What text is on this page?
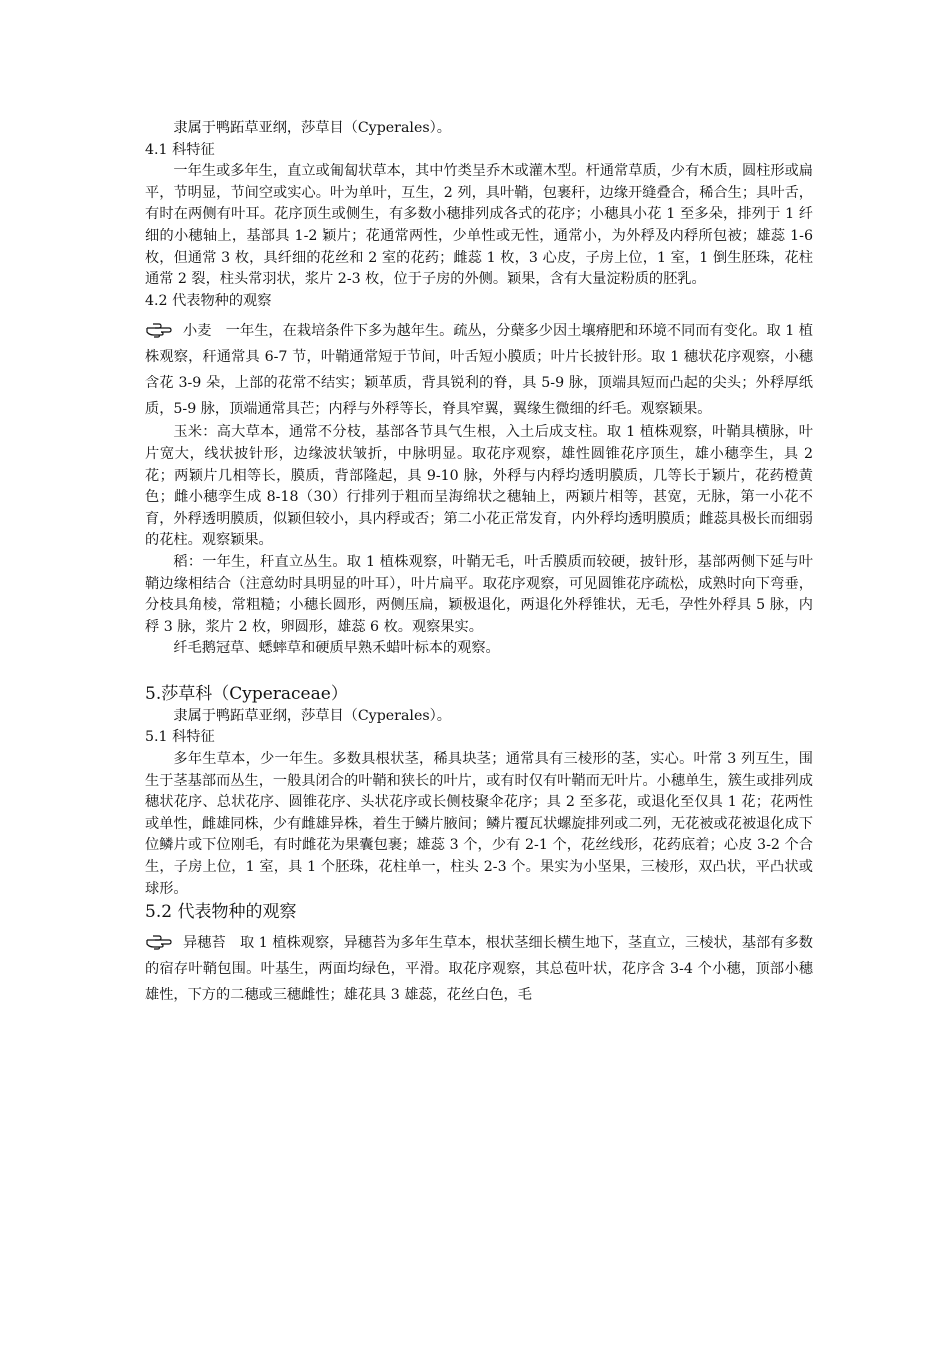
隶属于鸭跖草亚纲，莎草目（Cyperales）。

4.1 科特征

一年生或多年生，直立或匍匐状草本，其中竹类呈乔木或灌木型。杆通常草质，少有木质，圆柱形或扁平，节明显，节间空或实心。叶为单叶，互生，2 列，具叶鞘，包裹秆，边缘开缝叠合，稀合生；具叶舌，有时在两侧有叶耳。花序顶生或侧生，有多数小穗排列成各式的花序；小穗具小花 1 至多朵，排列于 1 纤细的小穗轴上，基部具 1-2 颖片；花通常两性，少单性或无性，通常小，为外稃及内稃所包被；雄蕊 1-6 枚，但通常 3 枚，具纤细的花丝和 2 室的花药；雌蕊 1 枚，3 心皮，子房上位，1 室，1 倒生胚珠，花柱通常 2 裂，柱头常羽状，浆片 2-3 枚，位于子房的外侧。颖果，含有大量淀粉质的胚乳。

4.2 代表物种的观察

小麦　一年生，在栽培条件下多为越年生。疏丛，分蘖多少因土壤瘠肥和环境不同而有变化。取 1 植株观察，秆通常具 6-7 节，叶鞘通常短于节间，叶舌短小膜质；叶片长披针形。取 1 穗状花序观察，小穗含花 3-9 朵，上部的花常不结实；颖革质，背具锐利的脊，具 5-9 脉，顶端具短而凸起的尖头；外稃厚纸质，5-9 脉，顶端通常具芒；内稃与外稃等长，脊具窄翼，翼缘生微细的纤毛。观察颖果。

玉米：高大草本，通常不分枝，基部各节具气生根，入土后成支柱。取 1 植株观察，叶鞘具横脉，叶片宽大，线状披针形，边缘波状皱折，中脉明显。取花序观察，雄性圆锥花序顶生，雄小穗孪生，具 2 花；两颖片几相等长，膜质，背部隆起，具 9-10 脉，外稃与内稃均透明膜质，几等长于颖片，花药橙黄色；雌小穗孪生成 8-18（30）行排列于粗而呈海绵状之穗轴上，两颖片相等，甚宽，无脉，第一小花不育，外稃透明膜质，似颖但较小，具内稃或否；第二小花正常发育，内外稃均透明膜质；雌蕊具极长而细弱的花柱。观察颖果。

稻：一年生，秆直立丛生。取 1 植株观察，叶鞘无毛，叶舌膜质而较硬，披针形，基部两侧下延与叶鞘边缘相结合（注意幼时具明显的叶耳），叶片扁平。取花序观察，可见圆锥花序疏松，成熟时向下弯垂，分枝具角棱，常粗糙；小穗长圆形，两侧压扁，颖极退化，两退化外稃锥状，无毛，孕性外稃具 5 脉，内稃 3 脉，浆片 2 枚，卵圆形，雄蕊 6 枚。观察果实。

纤毛鹅冠草、蟋蟀草和硬质早熟禾蜡叶标本的观察。

5.莎草科（Cyperaceae）

隶属于鸭跖草亚纲，莎草目（Cyperales）。

5.1 科特征

多年生草本，少一年生。多数具根状茎，稀具块茎；通常具有三棱形的茎，实心。叶常 3 列互生，围生于茎基部而丛生，一般具闭合的叶鞘和狭长的叶片，或有时仅有叶鞘而无叶片。小穗单生，簇生或排列成穗状花序、总状花序、圆锥花序、头状花序或长侧枝聚伞花序；具 2 至多花，或退化至仅具 1 花；花两性或单性，雌雄同株，少有雌雄异株，着生于鳞片腋间；鳞片覆瓦状螺旋排列或二列，无花被或花被退化成下位鳞片或下位刚毛，有时雌花为果囊包裹；雄蕊 3 个，少有 2-1 个，花丝线形，花药底着；心皮 3-2 个合生，子房上位，1 室，具 1 个胚珠，花柱单一，柱头 2-3 个。果实为小坚果，三棱形，双凸状，平凸状或球形。

5.2 代表物种的观察

异穗苔　取 1 植株观察，异穗苔为多年生草本，根状茎细长横生地下，茎直立，三棱状，基部有多数的宿存叶鞘包围。叶基生，两面均绿色，平滑。取花序观察，其总苞叶状，花序含 3-4 个小穗，顶部小穗雄性，下方的二穗或三穗雌性；雄花具 3 雄蕊，花丝白色，毛
